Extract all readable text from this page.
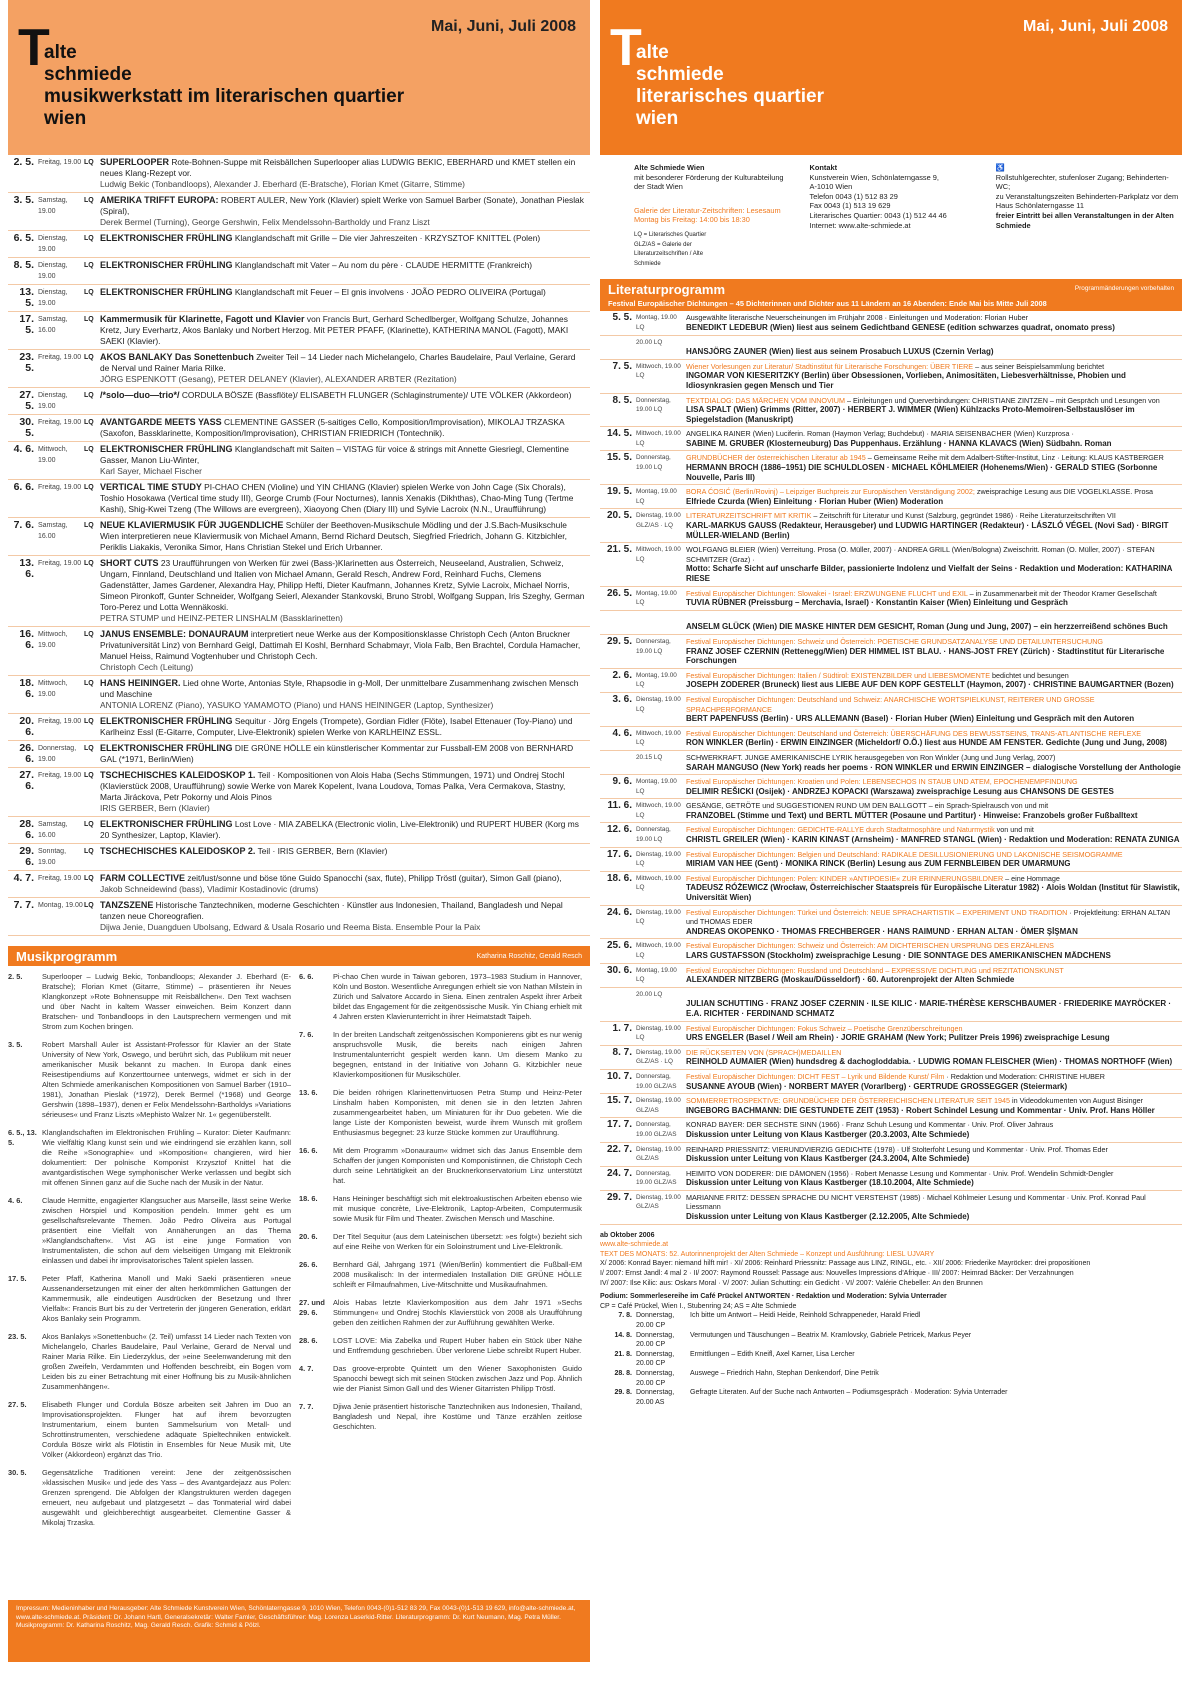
Mai, Juni, Juli 2008
T
alte
schmiede
musikwerkstatt im literarischen quartier
wien
2. 5. Freitag, 19.00 LQ SUPERLOOPER Rote-Bohnen-Suppe mit Reisbällchen Superlooper alias LUDWIG BEKIC, EBERHARD und KMET stellen ein neues Klang-Rezept vor.
Ludwig Bekic (Tonbandloops), Alexander J. Eberhard (E-Bratsche), Florian Kmet (Gitarre, Stimme)
3. 5. Samstag, 19.00
LQ AMERIKA TRIFFT EUROPA: ROBERT AULER, New York (Klavier) spielt Werke von Samuel Barber (Sonate), Jonathan Pieslak (Spiral),
Derek Bermel (Turning), George Gershwin, Felix Mendelssohn-Bartholdy und Franz Liszt
6. 5. Dienstag, 19.00
LQ ELEKTRONISCHER FRÜHLING Klanglandschaft mit Grille – Die vier Jahreszeiten · KRZYSZTOF KNITTEL (Polen)
8. 5. Dienstag, 19.00
LQ ELEKTRONISCHER FRÜHLING Klanglandschaft mit Vater – Au nom du père · CLAUDE HERMITTE (Frankreich)
13. 5.
Dienstag, 19.00
LQ ELEKTRONISCHER FRÜHLING Klanglandschaft mit Feuer – El gnis involvens · JOÃO PEDRO OLIVEIRA (Portugal)
17. 5.
Samstag, 16.00
LQ Kammermusik für Klarinette, Fagott und Klavier von Francis Burt, Gerhard Schedlberger, Wolfgang Schulze, Johannes Kretz, Jury Everhartz, Akos Banlaky und Norbert Herzog. Mit PETER PFAFF, (Klarinette), KATHERINA MANOL (Fagott), MAKI SAEKI (Klavier).
23. 5.
Freitag, 19.00 LQ AKOS BANLAKY Das Sonettenbuch Zweiter Teil – 14 Lieder nach Michelangelo, Charles Baudelaire, Paul Verlaine, Gerard de Nerval und Rainer Maria Rilke.
JÖRG ESPENKOTT (Gesang), PETER DELANEY (Klavier), ALEXANDER ARBTER (Rezitation)
27. 5.
Dienstag, 19.00
LQ /*solo—duo—trio*/ CORDULA BÖSZE (Bassflöte)/ ELISABETH FLUNGER (Schlaginstrumente)/ UTE VÖLKER (Akkordeon)
30. 5.
Freitag, 19.00 LQ AVANTGARDE MEETS YASS CLEMENTINE GASSER (5-saitiges Cello, Komposition/Improvisation), MIKOLAJ TRZASKA (Saxofon, Bassklarinette, Komposition/Improvisation), CHRISTIAN FRIEDRICH (Tontechnik).
4. 6. Mittwoch, 19.00
LQ ELEKTRONISCHER FRÜHLING Klanglandschaft mit Saiten – VISTAG für voice & strings mit Annette Giesriegl, Clementine Gasser, Manon Liu-Winter,
Karl Sayer, Michael Fischer
6. 6. Freitag, 19.00 LQ VERTICAL TIME STUDY PI-CHAO CHEN (Violine) und YIN CHIANG (Klavier) spielen Werke von John Cage (Six Chorals), Toshio Hosokawa (Vertical time study III), George Crumb (Four Nocturnes), Iannis Xenakis (Dikhthas), Chao-Ming Tung (Tertme Kashi), Shig-Kwei Tzeng (The Willows are evergreen), Xiaoyong Chen (Diary III) und Sylvie Lacroix (N.N., Uraufführung)
7. 6. Samstag, 16.00
LQ NEUE KLAVIERMUSIK FÜR JUGENDLICHE Schüler der Beethoven-Musikschule Mödling und der J.S.Bach-Musikschule Wien interpretieren neue Klaviermusik von Michael Amann, Bernd Richard Deutsch, Siegfried Friedrich, Johann G. Kitzbichler, Periklis Liakakis, Veronika Simor, Hans Christian Stekel und Erich Urbanner.
13. 6.
Freitag, 19.00 LQ SHORT CUTS 23 Uraufführungen von Werken für zwei (Bass-)Klarinetten aus Österreich, Neuseeland, Australien, Schweiz, Ungarn, Finnland, Deutschland und Italien von Michael Amann, Gerald Resch, Andrew Ford, Reinhard Fuchs, Clemens Gadenstätter, James Gardener, Alexandra Hay, Philipp Hefti, Dieter Kaufmann, Johannes Kretz, Sylvie Lacroix, Michael Norris, Simeon Pironkoff, Gunter Schneider, Wolfgang Seierl, Alexander Stankovski, Bruno Strobl, Wolfgang Suppan, Iris Szeghy, German Toro-Perez und Lotta Wennäkoski.
PETRA STUMP und HEINZ-PETER LINSHALM (Bassklarinetten)
16. 6.
Mittwoch, 19.00
LQ JANUS ENSEMBLE: DONAURAUM interpretiert neue Werke aus der Kompositionsklasse Christoph Cech (Anton Bruckner Privatuniversität Linz) von Bernhard Geigl, Dattimah El Koshl, Bernhard Schabmayr, Viola Falb, Ben Brachtel, Cordula Hamacher, Manuel Heiss, Raimund Vogtenhuber und Christoph Cech.
Christoph Cech (Leitung)
18. 6.
Mittwoch, 19.00
LQ HANS HEININGER. Lied ohne Worte, Antonias Style, Rhapsodie in g-Moll, Der unmittelbare Zusammenhang zwischen Mensch und Maschine
ANTONIA LORENZ (Piano), YASUKO YAMAMOTO (Piano) und HANS HEININGER (Laptop, Synthesizer)
20. 6.
Freitag, 19.00 LQ ELEKTRONISCHER FRÜHLING Sequitur · Jörg Engels (Trompete), Gordian Fidler (Flöte), Isabel Ettenauer (Toy-Piano) und Karlheinz Essl (E-Gitarre, Computer, Live-Elektronik) spielen Werke von KARLHEINZ ESSL.
26. 6.
Donnerstag, 19.00
LQ ELEKTRONISCHER FRÜHLING DIE GRÜNE HÖLLE ein künstlerischer Kommentar zur Fussball-EM 2008 von BERNHARD GAL (*1971, Berlin/Wien)
27. 6.
Freitag, 19.00 LQ TSCHECHISCHES KALEIDOSKOP 1. Teil · Kompositionen von Alois Haba (Sechs Stimmungen, 1971) und Ondrej Stochl (Klavierstück 2008, Uraufführung) sowie Werke von Marek Kopelent, Ivana Loudova, Tomas Palka, Vera Cermakova, Stastny, Marta Jiráckova, Petr Pokorny und Alois Pinos
IRIS GERBER, Bern (Klavier)
28. 6.
Samstag, 16.00
LQ ELEKTRONISCHER FRÜHLING Lost Love · MIA ZABELKA (Electronic violin, Live-Elektronik) und RUPERT HUBER (Korg ms 20 Synthesizer, Laptop, Klavier).
29. 6.
Sonntag, 19.00
LQ TSCHECHISCHES KALEIDOSKOP 2. Teil · IRIS GERBER, Bern (Klavier)
4. 7. Freitag, 19.00 LQ FARM COLLECTIVE zeit/lust/sonne und böse töne Guido Spanocchi (sax, flute), Philipp Tröstl (guitar), Simon Gall (piano),
Jakob Schneidewind (bass), Vladimir Kostadinovic (drums)
7. 7. Montag, 19.00 LQ TANZSZENE Historische Tanztechniken, moderne Geschichten · Künstler aus Indonesien, Thailand, Bangladesh und Nepal tanzen neue Choreografien.
Dijwa Jenie, Duangduen Ubolsang, Edward & Usala Rosario und Reema Bista. Ensemble Pour la Paix
Musikprogramm	Katharina Roschitz, Gerald Resch
2. 5.	Superlooper – Ludwig Bekic, Tonbandloops; Alexander J. Eberhard (E-Bratsche); Florian Kmet (Gitarre, Stimme) – präsentieren ihr Neues Klangkonzept »Rote Bohnensuppe mit Reisbällchen«. Den Text wachsen und über Nacht in kaltem Wasser einweichen. Beim Konzert dann Bratschen- und Tonbandloops in den Lautsprechern vermengen und mit Strom zum Kochen bringen.
3. 5.	Robert Marshall Auler ist Assistant-Professor für Klavier an der State University of New York, Oswego, und berührt sich, das Publikum mit neuer amerikanischer Musik bekannt zu machen. In Europa dank eines Reisestipendiums auf Konzerttournee unterwegs, widmet er sich in der Alten Schmiede amerikanischen Kompositionen von Samuel Barber (1910–1981), Jonathan Pieslak (*1972), Derek Bermel (*1968) und George Gershwin (1898–1937), denen er Felix Mendelssohn-Bartholdys »Variations sérieuses« und Franz Liszts »Mephisto Walzer Nr. 1« gegenüberstellt.
6. 5., 13. 5.
Klanglandschaften im Elektronischen Frühling – Kurator: Dieter Kaufmann: Wie vielfältig Klang kunst sein und wie eindringend sie erzählen kann, soll die Reihe »Sonographie« und »Komposition« changieren, wird hier dokumentiert: Der polnische Komponist Krzysztof Knittel hat die avantgardistischen Wege symphonischer Werke verlassen und begibt sich mit offenen Sinnen ganz auf die Suche nach der Musik in der Natur.
4. 6.	Claude Hermitte, engagierter Klangsucher aus Marseille, lässt seine Werke zwischen Hörspiel und Komposition pendeln. Immer geht es um gesellschaftsrelevante Themen. João Pedro Oliveira aus Portugal präsentiert eine Vielfalt von Annäherungen an das Thema »Klanglandschaften«. Vist AG ist eine junge Formation von Instrumentalisten, die schon auf dem vielseitigen Umgang mit Elektronik einlassen und dabei ihr improvisatorisches Talent spielen lassen.
17. 5.	Peter Pfaff, Katherina Manoll und Maki Saeki präsentieren »neue Aussenandersetzungen mit einer der alten herkömmlichen Gattungen der Kammermusik, alle eindeutigen Ausdrücken der Besetzung und Ihrer Vielfalt«: Francis Burt bis zu der Vertreterin der jüngeren Generation, erklärt Akos Banlaky sein Programm.
23. 5.	Akos Banlakys »Sonettenbuch« (2. Teil) umfasst 14 Lieder nach Texten von Michelangelo, Charles Baudelaire, Paul Verlaine, Gerard de Nerval und Rainer Maria Rilke. Ein Liederzyklus, der »eine Seelenwanderung mit den großen Zweifeln, Verdammten und Hoffenden beschreibt, ein Bogen vom Leiden bis zu einer Betrachtung mit einer Hoffnung bis zu Musik-ähnlichen Zusammenhängen«.
27. 5.	Elisabeth Flunger und Cordula Bösze arbeiten seit Jahren im Duo an Improvisationsprojekten. Flunger hat auf ihrem bevorzugten Instrumentarium, einem bunten Sammelsurium von Metall- und Schrottinstrumenten, verschiedene adäquate Spieltechniken entwickelt. Cordula Bösze wirkt als Flötistin in Ensembles für Neue Musik mit, Ute Völker (Akkordeon) ergänzt das Trio.
30. 5.	Gegensätzliche Traditionen vereint: Jene der zeitgenössischen »klassischen Musik« und jede des Yass – des Avantgardejazz aus Polen: Grenzen sprengend. Die Abfolgen der Klangstrukturen werden dagegen erneuert, neu aufgebaut und platzgesetzt – das Tonmaterial wird dabei ausgewählt und gleichberechtigt ausgearbeitet. Clementine Gasser & Mikolaj Trzaska.
6. 6.	Pi-chao Chen wurde in Taiwan geboren, 1973–1983 Studium in Hannover, Köln und Boston. Wesentliche Anregungen erhielt sie von Nathan Milstein in Zürich und Salvatore Accardo in Siena. Einen zentralen Aspekt ihrer Arbeit bildet das Engagement für die zeitgenössische Musik. Yin Chiang erhielt mit 4 Jahren ersten Klavierunterricht in ihrer Heimatstadt Taipeh.
7. 6.	In der breiten Landschaft zeitgenössischen Komponierens gibt es nur wenig anspruchsvolle Musik, die bereits nach einigen Jahren Instrumentalunterricht gespielt werden kann. Um diesem Manko zu begegnen, entstand in der Initiative von Johann G. Kitzbichler neue Klavierkompositionen für Musikschüler.
13. 6.	Die beiden röhrigen Klarinettenvirtuosen Petra Stump und Heinz-Peter Linshalm haben Komponisten, mit denen sie in den letzten Jahren zusammengearbeitet haben, um Miniaturen für ihr Duo gebeten. Wie die lange Liste der Komponisten beweist, wurde ihrem Wunsch mit großem Enthusiasmus begegnet: 23 kurze Stücke kommen zur Uraufführung.
16. 6.	Mit dem Programm »Donauraum« widmet sich das Janus Ensemble dem Schaffen der jungen Komponisten und Komponistinnen, die Christoph Cech durch seine Lehrtätigkeit an der Brucknerkonservatorium Linz unterstützt hat.
18. 6.	Hans Heininger beschäftigt sich mit elektroakustischen Arbeiten ebenso wie mit musique concrète, Live-Elektronik, Laptop-Arbeiten, Computermusik sowie Musik für Film und Theater. Zwischen Mensch und Maschine.
20. 6.	Der Titel Sequitur (aus dem Lateinischen übersetzt: »es folgt«) bezieht sich auf eine Reihe von Werken für ein Soloinstrument und Live-Elektronik.
26. 6.	Bernhard Gál, Jahrgang 1971 (Wien/Berlin) kommentiert die Fußball-EM 2008 musikalisch: In der intermedialen Installation DIE GRÜNE HÖLLE schleift er Filmaufnahmen, Live-Mitschnitte und Musikaufnahmen.
27. und 29. 6.
Alois Habas letzte Klavierkomposition aus dem Jahr 1971 »Sechs Stimmungen« und Ondrej Stochls Klavierstück von 2008 als Uraufführung geben den zeitlichen Rahmen der zur Aufführung gewählten Werke.
28. 6.	LOST LOVE: Mia Zabelka und Rupert Huber haben ein Stück über Nähe und Entfremdung geschrieben. Über verlorene Liebe schreibt Rupert Huber.
4. 7.	Das groove-erprobte Quintett um den Wiener Saxophonisten Guido Spanocchi bewegt sich mit seinen Stücken zwischen Jazz und Pop. Ähnlich wie der Pianist Simon Gall und des Wiener Gitarristen Philipp Tröstl.
7. 7.	Djiwa Jenie präsentiert historische Tanztechniken aus Indonesien, Thailand, Bangladesh und Nepal, ihre Kostüme und Tänze erzählen zeitlose Geschichten.
Impressum: Medieninhaber und Herausgeber: Alte Schmiede Kunstverein Wien, Schönlaterngasse 9, 1010 Wien, Telefon 0043-(0)1-512 83 29, Fax 0043-(0)1-513 19 629, info@alte-schmiede.at, www.alte-schmiede.at. Präsident: Dr. Johann Hartl, Generalsekretär: Walter Famler, Geschäftsführer: Mag. Lorenza Laserkid-Ritter. Literaturprogramm: Dr. Kurt Neumann, Mag. Petra Müller. Musikprogramm: Dr. Katharina Roschitz, Mag. Gerald Resch. Grafik: Schmid & Pölzl.
Mai, Juni, Juli 2008
T
alte
schmiede
literarisches quartier
wien
Alte Schmiede Wien
mit besonderer Förderung der Kulturabteilung
der Stadt Wien
Galerie der Literatur-Zeitschriften: Lesesaum
Montag bis Freitag: 14:00 bis 18:30
LQ = Literarisches Quartier GLZ/AS = Galerie der Literaturzeitschriften / Alte Schmiede
Kontakt
Kunstverein Wien, Schönlaterngasse 9,
A-1010 Wien
Telefon 0043 (1) 512 83 29
Fax 0043 (1) 513 19 629
Literarisches Quartier: 0043 (1) 512 44 46
Internet: www.alte-schmiede.at
♿
Rollstuhlgerechter, stufenloser Zugang; Behinderten-WC;
zu Veranstaltungszeiten Behinderten-Parkplatz vor dem
Haus Schönlaterngasse 11
freier Eintritt bei allen Veranstaltungen in der Alten Schmiede
Programmänderungen vorbehalten
Literaturprogramm
Festival Europäischer Dichtungen – 45 Dichterinnen und Dichter aus 11 Ländern an 16 Abenden: Ende Mai bis Mitte Juli 2008
5. 5. Montag, 19.00 LQ
Ausgewählte literarische Neuerscheinungen im Frühjahr 2008 · Einleitungen und Moderation: Florian Huber
BENEDIKT LEDEBUR (Wien) liest aus seinem Gedichtband GENESE (edition schwarzes quadrat, onomato press)
20.00 LQ

HANSJÖRG ZAUNER (Wien) liest aus seinem Prosabuch LUXUS (Czernin Verlag)
7. 5. Mittwoch, 19.00 LQ
Wiener Vorlesungen zur Literatur/ Stadtinstitut für Literarische Forschungen: ÜBER TIERE – aus seiner Beispielsammlung berichtet
INGOMAR VON KIESERITZKY (Berlin) über Obsessionen, Vorlieben, Animositäten, Liebesverhältnisse, Phobien und Idiosynkrasien gegen Mensch und Tier
8. 5. Donnerstag, 19.00 LQ
TEXTDIALOG: DAS MÄRCHEN VOM INNOVIUM – Einleitungen und Querverbindungen: CHRISTIANE ZINTZEN – mit Gespräch und Lesungen von
LISA SPALT (Wien) Grimms (Ritter, 2007) · HERBERT J. WIMMER (Wien) Kühlzacks Proto-Memoiren-Selbstauslöser im Spiegelstadion (Manuskript)
14. 5. Mittwoch, 19.00 LQ
ANGELIKA RAINER (Wien) Luciferin. Roman (Haymon Verlag; Buchdebut) · MARIA SEISENBACHER (Wien) Kurzprosa ·
SABINE M. GRUBER (Klosterneuburg) Das Puppenhaus. Erzählung · HANNA KLAVACS (Wien) Südbahn. Roman
15. 5. Donnerstag, 19.00 LQ
GRUNDBÜCHER der österreichischen Literatur ab 1945 – Gemeinsame Reihe mit dem Adalbert-Stifter-Institut, Linz · Leitung: KLAUS KASTBERGER
HERMANN BROCH (1886–1951) DIE SCHULDLOSEN · MICHAEL KÖHLMEIER (Hohenems/Wien) · GERALD STIEG (Sorbonne Nouvelle, Paris III)
19. 5. Montag, 19.00 LQ
BORA ĆOSIĆ (Berlin/Rovinj) – Leipziger Buchpreis zur Europäischen Verständigung 2002; zweisprachige Lesung aus DIE VOGELKLASSE. Prosa
Elfriede Czurda (Wien) Einleitung · Florian Huber (Wien) Moderation
20. 5. Dienstag, 19.00 GLZ/AS · LQ
LITERATURZEITSCHRIFT MIT KRITIK – Zeitschrift für Literatur und Kunst (Salzburg, gegründet 1986) · Reihe Literaturzeitschriften VII
KARL-MARKUS GAUSS (Redakteur, Herausgeber) und LUDWIG HARTINGER (Redakteur) · LÁSZLÓ VÉGEL (Novi Sad) · BIRGIT MÜLLER-WIELAND (Berlin)
21. 5. Mittwoch, 19.00 LQ
WOLFGANG BLEIER (Wien) Verreitung. Prosa (O. Müller, 2007) · ANDREA GRILL (Wien/Bologna) Zweischritt. Roman (O. Müller, 2007) · STEFAN SCHMITZER (Graz) ·
Motto: Scharfe Sicht auf unscharfe Bilder, passionierte Indolenz und Vielfalt der Seins · Redaktion und Moderation: KATHARINA RIESE
26. 5. Montag, 19.00 LQ
Festival Europäischer Dichtungen: Slowakei - Israel: ERZWUNGENE FLUCHT und EXIL – in Zusammenarbeit mit der Theodor Kramer Gesellschaft
TUVIA RÜBNER (Preissburg – Merchavia, Israel) · Konstantin Kaiser (Wien) Einleitung und Gespräch

ANSELM GLÜCK (Wien) DIE MASKE HINTER DEM GESICHT, Roman (Jung und Jung, 2007) – ein herzzerreißend schönes Buch
29. 5. Donnerstag, 19.00 LQ
Festival Europäischer Dichtungen: Schweiz und Österreich: POETISCHE GRUNDSATZANALYSE UND DETAILUNTERSUCHUNG
FRANZ JOSEF CZERNIN (Rettenegg/Wien) DER HIMMEL IST BLAU. · HANS-JOST FREY (Zürich) · Stadtinstitut für Literarische Forschungen
2. 6. Montag, 19.00 LQ
Festival Europäischer Dichtungen: Italien / Südtirol: EXISTENZBILDER und LIEBESMOMENTE bedichtet und besungen
JOSEPH ZODERER (Bruneck) liest aus LIEBE AUF DEN KOPF GESTELLT (Haymon, 2007) · CHRISTINE BAUMGARTNER (Bozen)
3. 6. Dienstag, 19.00 LQ
Festival Europäischer Dichtungen: Deutschland und Schweiz: ANARCHISCHE WORTSPIELKUNST, REITERER UND GROSSE SPRACHPERFORMANCE
BERT PAPENFUSS (Berlin) · URS ALLEMANN (Basel) · Florian Huber (Wien) Einleitung und Gespräch mit den Autoren
4. 6. Mittwoch, 19.00 LQ
Festival Europäischer Dichtungen: Deutschland und Österreich: ÜBERSCHÄFUNG DES BEWUSSTSEINS, TRANS-ATLANTISCHE REFLEXE
RON WINKLER (Berlin) · ERWIN EINZINGER (Micheldorf/ O.Ö.) liest aus HUNDE AM FENSTER. Gedichte (Jung und Jung, 2008)
20.15 LQ	SCHWERKRAFT. JUNGE AMERIKANISCHE LYRIK herausgegeben von Ron Winkler (Jung und Jung Verlag, 2007)
SARAH MANGUSO (New York) reads her poems · RON WINKLER und ERWIN EINZINGER – dialogische Vorstellung der Anthologie
9. 6. Montag, 19.00 LQ
Festival Europäischer Dichtungen: Kroatien und Polen: LEBENSECHOS IN STAUB UND ATEM, EPOCHENEMPFINDUNG
DELIMIR REŠICKI (Osijek) · ANDRZEJ KOPACKI (Warszawa) zweisprachige Lesung aus CHANSONS DE GESTES
11. 6. Mittwoch, 19.00 LQ
GESÄNGE, GETRÖTE und SUGGESTIONEN RUND UM DEN BALLGOTT – ein Sprach-Spielrausch von und mit
FRANZOBEL (Stimme und Text) und BERTL MÜTTER (Posaune und Partitur) · Hinweise: Franzobels großer Fußballtext
12. 6. Donnerstag, 19.00 LQ
Festival Europäischer Dichtungen: GEDICHTE-RALLYE durch Stadtatmosphäre und Naturmystik von und mit
CHRISTL GREILER (Wien) · KARIN KINAST (Arnsheim) · MANFRED STANGL (Wien) · Redaktion und Moderation: RENATA ZUNIGA
17. 6. Dienstag, 19.00 LQ
Festival Europäischer Dichtungen: Belgien und Deutschland: RADIKALE DESILLUSIONIERUNG UND LAKONISCHE SEISMOGRAMME
MIRIAM VAN HEE (Gent) · MONIKA RINCK (Berlin) Lesung aus ZUM FERNBLEIBEN DER UMARMUNG
18. 6. Mittwoch, 19.00 LQ
Festival Europäischer Dichtungen: Polen: KINDER »ANTIPOESIE« ZUR ERINNERUNGSBILDNER – eine Hommage
TADEUSZ RÓŻEWICZ (Wrocław, Österreichischer Staatspreis für Europäische Literatur 1982) · Alois Woldan (Institut für Slawistik, Universität Wien)
24. 6. Dienstag, 19.00 LQ
Festival Europäischer Dichtungen: Türkei und Österreich: NEUE SPRACHARTISTIK – EXPERIMENT UND TRADITION · Projektleitung: ERHAN ALTAN und THOMAS EDER
ANDREAS OKOPENKO · THOMAS FRECHBERGER · HANS RAIMUND · ERHAN ALTAN · ÖMER ŞİŞMAN
25. 6. Mittwoch, 19.00 LQ
Festival Europäischer Dichtungen: Schweiz und Österreich: AM DICHTERISCHEN URSPRUNG DES ERZÄHLENS
LARS GUSTAFSSON (Stockholm) zweisprachige Lesung · DIE SONNTAGE DES AMERIKANISCHEN MÄDCHENS
30. 6. Montag, 19.00 LQ
Festival Europäischer Dichtungen: Russland und Deutschland – EXPRESSIVE DICHTUNG und REZITATIONSKUNST
ALEXANDER NITZBERG (Moskau/Düsseldorf) · 60. Autorenprojekt der Alten Schmiede
20.00 LQ

JULIAN SCHUTTING · FRANZ JOSEF CZERNIN · ILSE KILIC · MARIE-THÉRÈSE KERSCHBAUMER · FRIEDERIKE MAYRÖCKER · E.A. RICHTER · FERDINAND SCHMATZ
1. 7. Dienstag, 19.00 LQ
Festival Europäischer Dichtungen: Fokus Schweiz – Poetische Grenzüberschreitungen
URS ENGELER (Basel / Weil am Rhein) · JORIE GRAHAM (New York; Pulitzer Preis 1996) zweisprachige Lesung
8. 7. Dienstag, 19.00 GLZ/AS · LQ
DIE RÜCKSEITEN VON (SPRACH)MEDAILLEN
REINHOLD AUMAIER (Wien) hundsdreg & dachogloddabia. · LUDWIG ROMAN FLEISCHER (Wien) · THOMAS NORTHOFF (Wien)
10. 7. Donnerstag, 19.00 GLZ/AS
Festival Europäischer Dichtungen: DICHT FEST – Lyrik und Bildende Kunst/ Film · Redaktion und Moderation: CHRISTINE HUBER
SUSANNE AYOUB (Wien) · NORBERT MAYER (Vorarlberg) · GERTRUDE GROSSEGGER (Steiermark)
15. 7. Dienstag, 19.00 GLZ/AS
SOMMERRETROSPEKTIVE: GRUNDBÜCHER DER ÖSTERREICHISCHEN LITERATUR SEIT 1945 in Videodokumenten von August Bisinger
INGEBORG BACHMANN: DIE GESTUNDETE ZEIT (1953) · Robert Schindel Lesung und Kommentar · Univ. Prof. Hans Höller
17. 7. Donnerstag, 19.00 GLZ/AS
KONRAD BAYER: DER SECHSTE SINN (1966) · Franz Schuh Lesung und Kommentar · Univ. Prof. Oliver Jahraus
Diskussion unter Leitung von Klaus Kastberger (20.3.2003, Alte Schmiede)
22. 7. Dienstag, 19.00 GLZ/AS
REINHARD PRIESSNITZ: VIERUNDVIERZIG GEDICHTE (1978) · Ulf Stolterfoht Lesung und Kommentar · Univ. Prof. Thomas Eder
Diskussion unter Leitung von Klaus Kastberger (24.3.2004, Alte Schmiede)
24. 7. Donnerstag, 19.00 GLZ/AS
HEIMITO VON DODERER: DIE DÄMONEN (1956) · Robert Menasse Lesung und Kommentar · Univ. Prof. Wendelin Schmidt-Dengler
Diskussion unter Leitung von Klaus Kastberger (18.10.2004, Alte Schmiede)
29. 7. Dienstag, 19.00 GLZ/AS
MARIANNE FRITZ: DESSEN SPRACHE DU NICHT VERSTEHST (1985) · Michael Köhlmeier Lesung und Kommentar · Univ. Prof. Konrad Paul Liessmann
Diskussion unter Leitung von Klaus Kastberger (2.12.2005, Alte Schmiede)
ab Oktober 2006
www.alte-schmiede.at
TEXT DES MONATS: 52. Autorinnenprojekt der Alten Schmiede – Konzept und Ausführung: LIESL UJVARY
X/ 2006: Konrad Bayer: niemand hilft mir! · XI/ 2006: Reinhard Priessnitz: Passage aus LINZ, RINGL, etc. · XII/ 2006: Friederike Mayröcker: drei propositionen
I/ 2007: Ernst Jandl: 4 mal 2 · II/ 2007: Raymond Roussel: Passage aus: Nouvelles Impressions d'Afrique · III/ 2007: Heimrad Bäcker: Der Verzahnungen
IV/ 2007: Ilse Kilic: aus: Oskars Moral · V/ 2007: Julian Schutting: ein Gedicht · VI/ 2007: Valérie Chebeller: An den Brunnen
Podium: Sommerlesereihe im Café Prückel ANTWORTEN · Redaktion und Moderation: Sylvia Unterrader
CP = Café Prückel, Wien I., Stubenring 24; AS = Alte Schmiede
7. 8. Donnerstag, 20.00 CP
Ich bitte um Antwort – Heidi Heide, Reinhold Schrappeneder, Harald Friedl
14. 8. Donnerstag, 20.00 CP
Vermutungen und Täuschungen – Beatrix M. Kramlovsky, Gabriele Petricek, Markus Peyer
21. 8. Donnerstag, 20.00 CP
Ermittlungen – Edith Kneifl, Axel Karner, Lisa Lercher
28. 8. Donnerstag, 20.00 CP
Auswege – Friedrich Hahn, Stephan Denkendorf, Dine Petrik
29. 8. Donnerstag, 20.00 AS
Gefragte Literaten. Auf der Suche nach Antworten – Podiumsgespräch · Moderation: Sylvia Unterrader
